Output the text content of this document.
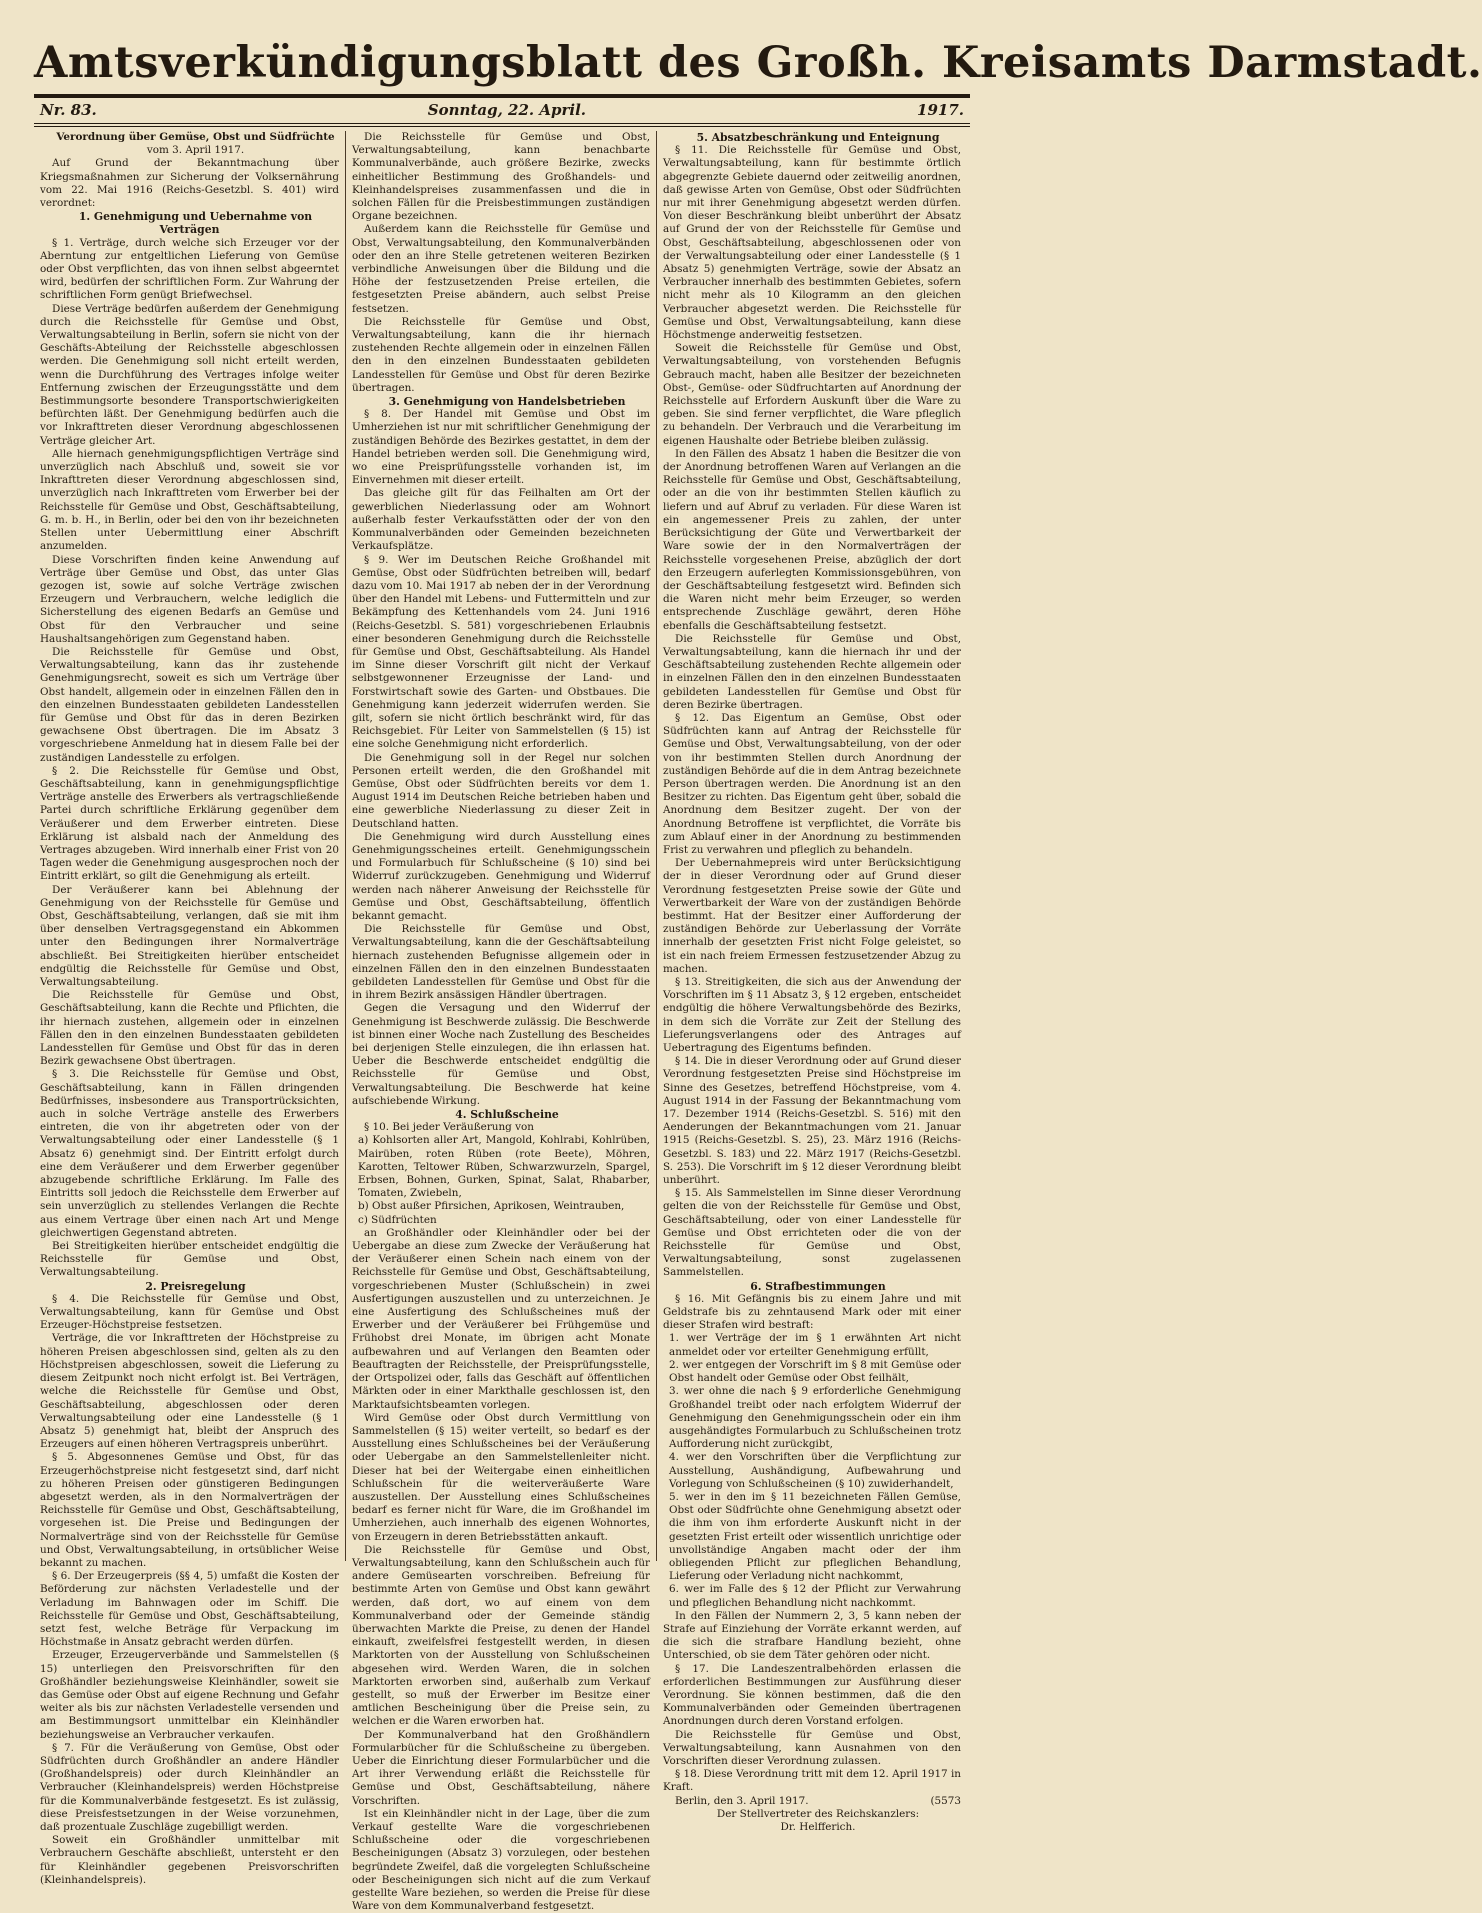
Amtsverkündigungsblatt des Großh. Kreisamts Darmstadt.
Nr. 83.	Sonntag, 22. April.	1917.

Verordnung über Gemüse, Obst und Südfrüchte

vom 3. April 1917.

Auf Grund der Bekanntmachung über Kriegsmaßnahmen zur Sicherung der Volksernährung vom 22. Mai 1916 (Reichs-Gesetzbl. S. 401) wird verordnet:

1. Genehmigung und Uebernahme von Verträgen

§ 1. Verträge, durch welche sich Erzeuger vor der Aberntung zur entgeltlichen Lieferung von Gemüse oder Obst verpflichten, das von ihnen selbst abgeerntet wird, bedürfen der schriftlichen Form. Zur Wahrung der schriftlichen Form genügt Briefwechsel.

Diese Verträge bedürfen außerdem der Genehmigung durch die Reichsstelle für Gemüse und Obst, Verwaltungsabteilung in Berlin, sofern sie nicht von der Geschäfts-Abteilung der Reichsstelle abgeschlossen werden. Die Genehmigung soll nicht erteilt werden, wenn die Durchführung des Vertrages infolge weiter Entfernung zwischen der Erzeugungsstätte und dem Bestimmungsorte besondere Transportschwierigkeiten befürchten läßt. Der Genehmigung bedürfen auch die vor Inkrafttreten dieser Verordnung abgeschlossenen Verträge gleicher Art.

Alle hiernach genehmigungspflichtigen Verträge sind unverzüglich nach Abschluß und, soweit sie vor Inkrafttreten dieser Verordnung abgeschlossen sind, unverzüglich nach Inkrafttreten vom Erwerber bei der Reichsstelle für Gemüse und Obst, Geschäftsabteilung, G. m. b. H., in Berlin, oder bei den von ihr bezeichneten Stellen unter Uebermittlung einer Abschrift anzumelden.

Diese Vorschriften finden keine Anwendung auf Verträge über Gemüse und Obst, das unter Glas gezogen ist, sowie auf solche Verträge zwischen Erzeugern und Verbrauchern, welche lediglich die Sicherstellung des eigenen Bedarfs an Gemüse und Obst für den Verbraucher und seine Haushaltsangehörigen zum Gegenstand haben.

Die Reichsstelle für Gemüse und Obst, Verwaltungsabteilung, kann das ihr zustehende Genehmigungsrecht, soweit es sich um Verträge über Obst handelt, allgemein oder in einzelnen Fällen den in den einzelnen Bundesstaaten gebildeten Landesstellen für Gemüse und Obst für das in deren Bezirken gewachsene Obst übertragen. Die im Absatz 3 vorgeschriebene Anmeldung hat in diesem Falle bei der zuständigen Landesstelle zu erfolgen.

§ 2. Die Reichsstelle für Gemüse und Obst, Geschäftsabteilung, kann in genehmigungspflichtige Verträge anstelle des Erwerbers als vertragschließende Partei durch schriftliche Erklärung gegenüber dem Veräußerer und dem Erwerber eintreten. Diese Erklärung ist alsbald nach der Anmeldung des Vertrages abzugeben. Wird innerhalb einer Frist von 20 Tagen weder die Genehmigung ausgesprochen noch der Eintritt erklärt, so gilt die Genehmigung als erteilt.

Der Veräußerer kann bei Ablehnung der Genehmigung von der Reichsstelle für Gemüse und Obst, Geschäftsabteilung, verlangen, daß sie mit ihm über denselben Vertragsgegenstand ein Abkommen unter den Bedingungen ihrer Normalverträge abschließt. Bei Streitigkeiten hierüber entscheidet endgültig die Reichsstelle für Gemüse und Obst, Verwaltungsabteilung.

Die Reichsstelle für Gemüse und Obst, Geschäftsabteilung, kann die Rechte und Pflichten, die ihr hiernach zustehen, allgemein oder in einzelnen Fällen den in den einzelnen Bundesstaaten gebildeten Landesstellen für Gemüse und Obst für das in deren Bezirk gewachsene Obst übertragen.

§ 3. Die Reichsstelle für Gemüse und Obst, Geschäftsabteilung, kann in Fällen dringenden Bedürfnisses, insbesondere aus Transportrücksichten, auch in solche Verträge anstelle des Erwerbers eintreten, die von ihr abgetreten oder von der Verwaltungsabteilung oder einer Landesstelle (§ 1 Absatz 6) genehmigt sind. Der Eintritt erfolgt durch eine dem Veräußerer und dem Erwerber gegenüber abzugebende schriftliche Erklärung. Im Falle des Eintritts soll jedoch die Reichsstelle dem Erwerber auf sein unverzüglich zu stellendes Verlangen die Rechte aus einem Vertrage über einen nach Art und Menge gleichwertigen Gegenstand abtreten.

Bei Streitigkeiten hierüber entscheidet endgültig die Reichsstelle für Gemüse und Obst, Verwaltungsabteilung.

2. Preisregelung

§ 4. Die Reichsstelle für Gemüse und Obst, Verwaltungsabteilung, kann für Gemüse und Obst Erzeuger-Höchstpreise festsetzen.

Verträge, die vor Inkrafttreten der Höchstpreise zu höheren Preisen abgeschlossen sind, gelten als zu den Höchstpreisen abgeschlossen, soweit die Lieferung zu diesem Zeitpunkt noch nicht erfolgt ist. Bei Verträgen, welche die Reichsstelle für Gemüse und Obst, Geschäftsabteilung, abgeschlossen oder deren Verwaltungsabteilung oder eine Landesstelle (§ 1 Absatz 5) genehmigt hat, bleibt der Anspruch des Erzeugers auf einen höheren Vertragspreis unberührt.

§ 5. Abgesonnenes Gemüse und Obst, für das Erzeugerhöchstpreise nicht festgesetzt sind, darf nicht zu höheren Preisen oder günstigeren Bedingungen abgesetzt werden, als in den Normalverträgen der Reichsstelle für Gemüse und Obst, Geschäftsabteilung, vorgesehen ist. Die Preise und Bedingungen der Normalverträge sind von der Reichsstelle für Gemüse und Obst, Verwaltungsabteilung, in ortsüblicher Weise bekannt zu machen.

§ 6. Der Erzeugerpreis (§§ 4, 5) umfaßt die Kosten der Beförderung zur nächsten Verladestelle und der Verladung im Bahnwagen oder im Schiff. Die Reichsstelle für Gemüse und Obst, Geschäftsabteilung, setzt fest, welche Beträge für Verpackung im Höchstmaße in Ansatz gebracht werden dürfen.

Erzeuger, Erzeugerverbände und Sammelstellen (§ 15) unterliegen den Preisvorschriften für den Großhändler beziehungsweise Kleinhändler, soweit sie das Gemüse oder Obst auf eigene Rechnung und Gefahr weiter als bis zur nächsten Verladestelle versenden und am Bestimmungsort unmittelbar ein Kleinhändler beziehungsweise an Verbraucher verkaufen.

§ 7. Für die Veräußerung von Gemüse, Obst oder Südfrüchten durch Großhändler an andere Händler (Großhandelspreis) oder durch Kleinhändler an Verbraucher (Kleinhandelspreis) werden Höchstpreise für die Kommunalverbände festgesetzt. Es ist zulässig, diese Preisfestsetzungen in der Weise vorzunehmen, daß prozentuale Zuschläge zugebilligt werden.

Soweit ein Großhändler unmittelbar mit Verbrauchern Geschäfte abschließt, untersteht er den für Kleinhändler gegebenen Preisvorschriften (Kleinhandelspreis).

Die Reichsstelle für Gemüse und Obst, Verwaltungsabteilung, kann benachbarte Kommunalverbände, auch größere Bezirke, zwecks einheitlicher Bestimmung des Großhandels- und Kleinhandelspreises zusammenfassen und die in solchen Fällen für die Preisbestimmungen zuständigen Organe bezeichnen.

Außerdem kann die Reichsstelle für Gemüse und Obst, Verwaltungsabteilung, den Kommunalverbänden oder den an ihre Stelle getretenen weiteren Bezirken verbindliche Anweisungen über die Bildung und die Höhe der festzusetzenden Preise erteilen, die festgesetzten Preise abändern, auch selbst Preise festsetzen.

Die Reichsstelle für Gemüse und Obst, Verwaltungsabteilung, kann die ihr hiernach zustehenden Rechte allgemein oder in einzelnen Fällen den in den einzelnen Bundesstaaten gebildeten Landesstellen für Gemüse und Obst für deren Bezirke übertragen.

3. Genehmigung von Handelsbetrieben

§ 8. Der Handel mit Gemüse und Obst im Umherziehen ist nur mit schriftlicher Genehmigung der zuständigen Behörde des Bezirkes gestattet, in dem der Handel betrieben werden soll. Die Genehmigung wird, wo eine Preisprüfungsstelle vorhanden ist, im Einvernehmen mit dieser erteilt.

Das gleiche gilt für das Feilhalten am Ort der gewerblichen Niederlassung oder am Wohnort außerhalb fester Verkaufsstätten oder der von den Kommunalverbänden oder Gemeinden bezeichneten Verkaufsplätze.

§ 9. Wer im Deutschen Reiche Großhandel mit Gemüse, Obst oder Südfrüchten betreiben will, bedarf dazu vom 10. Mai 1917 ab neben der in der Verordnung über den Handel mit Lebens- und Futtermitteln und zur Bekämpfung des Kettenhandels vom 24. Juni 1916 (Reichs-Gesetzbl. S. 581) vorgeschriebenen Erlaubnis einer besonderen Genehmigung durch die Reichsstelle für Gemüse und Obst, Geschäftsabteilung. Als Handel im Sinne dieser Vorschrift gilt nicht der Verkauf selbstgewonnener Erzeugnisse der Land- und Forstwirtschaft sowie des Garten- und Obstbaues. Die Genehmigung kann jederzeit widerrufen werden. Sie gilt, sofern sie nicht örtlich beschränkt wird, für das Reichsgebiet. Für Leiter von Sammelstellen (§ 15) ist eine solche Genehmigung nicht erforderlich.

Die Genehmigung soll in der Regel nur solchen Personen erteilt werden, die den Großhandel mit Gemüse, Obst oder Südfrüchten bereits vor dem 1. August 1914 im Deutschen Reiche betrieben haben und eine gewerbliche Niederlassung zu dieser Zeit in Deutschland hatten.

Die Genehmigung wird durch Ausstellung eines Genehmigungsscheines erteilt. Genehmigungsschein und Formularbuch für Schlußscheine (§ 10) sind bei Widerruf zurückzugeben. Genehmigung und Widerruf werden nach näherer Anweisung der Reichsstelle für Gemüse und Obst, Geschäftsabteilung, öffentlich bekannt gemacht.

Die Reichsstelle für Gemüse und Obst, Verwaltungsabteilung, kann die der Geschäftsabteilung hiernach zustehenden Befugnisse allgemein oder in einzelnen Fällen den in den einzelnen Bundesstaaten gebildeten Landesstellen für Gemüse und Obst für die in ihrem Bezirk ansässigen Händler übertragen.

Gegen die Versagung und den Widerruf der Genehmigung ist Beschwerde zulässig. Die Beschwerde ist binnen einer Woche nach Zustellung des Bescheides bei derjenigen Stelle einzulegen, die ihn erlassen hat. Ueber die Beschwerde entscheidet endgültig die Reichsstelle für Gemüse und Obst, Verwaltungsabteilung. Die Beschwerde hat keine aufschiebende Wirkung.

4. Schlußscheine

§ 10. Bei jeder Veräußerung von

a) Kohlsorten aller Art, Mangold, Kohlrabi, Kohlrüben, Mairüben, roten Rüben (rote Beete), Möhren, Karotten, Teltower Rüben, Schwarzwurzeln, Spargel, Erbsen, Bohnen, Gurken, Spinat, Salat, Rhabarber, Tomaten, Zwiebeln,
b) Obst außer Pfirsichen, Aprikosen, Weintrauben,
c) Südfrüchten

an Großhändler oder Kleinhändler oder bei der Uebergabe an diese zum Zwecke der Veräußerung hat der Veräußerer einen Schein nach einem von der Reichsstelle für Gemüse und Obst, Geschäftsabteilung, vorgeschriebenen Muster (Schlußschein) in zwei Ausfertigungen auszustellen und zu unterzeichnen. Je eine Ausfertigung des Schlußscheines muß der Erwerber und der Veräußerer bei Frühgemüse und Frühobst drei Monate, im übrigen acht Monate aufbewahren und auf Verlangen den Beamten oder Beauftragten der Reichsstelle, der Preisprüfungsstelle, der Ortspolizei oder, falls das Geschäft auf öffentlichen Märkten oder in einer Markthalle geschlossen ist, den Marktaufsichtsbeamten vorlegen.

Wird Gemüse oder Obst durch Vermittlung von Sammelstellen (§ 15) weiter verteilt, so bedarf es der Ausstellung eines Schlußscheines bei der Veräußerung oder Uebergabe an den Sammelstellenleiter nicht. Dieser hat bei der Weitergabe einen einheitlichen Schlußschein für die weiterveräußerte Ware auszustellen. Der Ausstellung eines Schlußscheines bedarf es ferner nicht für Ware, die im Großhandel im Umherziehen, auch innerhalb des eigenen Wohnortes, von Erzeugern in deren Betriebsstätten ankauft.

Die Reichsstelle für Gemüse und Obst, Verwaltungsabteilung, kann den Schlußschein auch für andere Gemüsearten vorschreiben. Befreiung für bestimmte Arten von Gemüse und Obst kann gewährt werden, daß dort, wo auf einem von dem Kommunalverband oder der Gemeinde ständig überwachten Markte die Preise, zu denen der Handel einkauft, zweifelsfrei festgestellt werden, in diesen Marktorten von der Ausstellung von Schlußscheinen abgesehen wird. Werden Waren, die in solchen Marktorten erworben sind, außerhalb zum Verkauf gestellt, so muß der Erwerber im Besitze einer amtlichen Bescheinigung über die Preise sein, zu welchen er die Waren erworben hat.

Der Kommunalverband hat den Großhändlern Formularbücher für die Schlußscheine zu übergeben. Ueber die Einrichtung dieser Formularbücher und die Art ihrer Verwendung erläßt die Reichsstelle für Gemüse und Obst, Geschäftsabteilung, nähere Vorschriften.

Ist ein Kleinhändler nicht in der Lage, über die zum Verkauf gestellte Ware die vorgeschriebenen Schlußscheine oder die vorgeschriebenen Bescheinigungen (Absatz 3) vorzulegen, oder bestehen begründete Zweifel, daß die vorgelegten Schlußscheine oder Bescheinigungen sich nicht auf die zum Verkauf gestellte Ware beziehen, so werden die Preise für diese Ware von dem Kommunalverband festgesetzt.

5. Absatzbeschränkung und Enteignung

§ 11. Die Reichsstelle für Gemüse und Obst, Verwaltungsabteilung, kann für bestimmte örtlich abgegrenzte Gebiete dauernd oder zeitweilig anordnen, daß gewisse Arten von Gemüse, Obst oder Südfrüchten nur mit ihrer Genehmigung abgesetzt werden dürfen. Von dieser Beschränkung bleibt unberührt der Absatz auf Grund der von der Reichsstelle für Gemüse und Obst, Geschäftsabteilung, abgeschlossenen oder von der Verwaltungsabteilung oder einer Landesstelle (§ 1 Absatz 5) genehmigten Verträge, sowie der Absatz an Verbraucher innerhalb des bestimmten Gebietes, sofern nicht mehr als 10 Kilogramm an den gleichen Verbraucher abgesetzt werden. Die Reichsstelle für Gemüse und Obst, Verwaltungsabteilung, kann diese Höchstmenge anderweitig festsetzen.

Soweit die Reichsstelle für Gemüse und Obst, Verwaltungsabteilung, von vorstehenden Befugnis Gebrauch macht, haben alle Besitzer der bezeichneten Obst-, Gemüse- oder Südfruchtarten auf Anordnung der Reichsstelle auf Erfordern Auskunft über die Ware zu geben. Sie sind ferner verpflichtet, die Ware pfleglich zu behandeln. Der Verbrauch und die Verarbeitung im eigenen Haushalte oder Betriebe bleiben zulässig.

In den Fällen des Absatz 1 haben die Besitzer die von der Anordnung betroffenen Waren auf Verlangen an die Reichsstelle für Gemüse und Obst, Geschäftsabteilung, oder an die von ihr bestimmten Stellen käuflich zu liefern und auf Abruf zu verladen. Für diese Waren ist ein angemessener Preis zu zahlen, der unter Berücksichtigung der Güte und Verwertbarkeit der Ware sowie der in den Normalverträgen der Reichsstelle vorgesehenen Preise, abzüglich der dort den Erzeugern auferlegten Kommissionsgebühren, von der Geschäftsabteilung festgesetzt wird. Befinden sich die Waren nicht mehr beim Erzeuger, so werden entsprechende Zuschläge gewährt, deren Höhe ebenfalls die Geschäftsabteilung festsetzt.

Die Reichsstelle für Gemüse und Obst, Verwaltungsabteilung, kann die hiernach ihr und der Geschäftsabteilung zustehenden Rechte allgemein oder in einzelnen Fällen den in den einzelnen Bundesstaaten gebildeten Landesstellen für Gemüse und Obst für deren Bezirke übertragen.

§ 12. Das Eigentum an Gemüse, Obst oder Südfrüchten kann auf Antrag der Reichsstelle für Gemüse und Obst, Verwaltungsabteilung, von der oder von ihr bestimmten Stellen durch Anordnung der zuständigen Behörde auf die in dem Antrag bezeichnete Person übertragen werden. Die Anordnung ist an den Besitzer zu richten. Das Eigentum geht über, sobald die Anordnung dem Besitzer zugeht. Der von der Anordnung Betroffene ist verpflichtet, die Vorräte bis zum Ablauf einer in der Anordnung zu bestimmenden Frist zu verwahren und pfleglich zu behandeln.

Der Uebernahmepreis wird unter Berücksichtigung der in dieser Verordnung oder auf Grund dieser Verordnung festgesetzten Preise sowie der Güte und Verwertbarkeit der Ware von der zuständigen Behörde bestimmt. Hat der Besitzer einer Aufforderung der zuständigen Behörde zur Ueberlassung der Vorräte innerhalb der gesetzten Frist nicht Folge geleistet, so ist ein nach freiem Ermessen festzusetzender Abzug zu machen.

§ 13. Streitigkeiten, die sich aus der Anwendung der Vorschriften im § 11 Absatz 3, § 12 ergeben, entscheidet endgültig die höhere Verwaltungsbehörde des Bezirks, in dem sich die Vorräte zur Zeit der Stellung des Lieferungsverlangens oder des Antrages auf Uebertragung des Eigentums befinden.

§ 14. Die in dieser Verordnung oder auf Grund dieser Verordnung festgesetzten Preise sind Höchstpreise im Sinne des Gesetzes, betreffend Höchstpreise, vom 4. August 1914 in der Fassung der Bekanntmachung vom 17. Dezember 1914 (Reichs-Gesetzbl. S. 516) mit den Aenderungen der Bekanntmachungen vom 21. Januar 1915 (Reichs-Gesetzbl. S. 25), 23. März 1916 (Reichs-Gesetzbl. S. 183) und 22. März 1917 (Reichs-Gesetzbl. S. 253). Die Vorschrift im § 12 dieser Verordnung bleibt unberührt.

§ 15. Als Sammelstellen im Sinne dieser Verordnung gelten die von der Reichsstelle für Gemüse und Obst, Geschäftsabteilung, oder von einer Landesstelle für Gemüse und Obst errichteten oder die von der Reichsstelle für Gemüse und Obst, Verwaltungsabteilung, sonst zugelassenen Sammelstellen.

6. Strafbestimmungen

§ 16. Mit Gefängnis bis zu einem Jahre und mit Geldstrafe bis zu zehntausend Mark oder mit einer dieser Strafen wird bestraft:

1. wer Verträge der im § 1 erwähnten Art nicht anmeldet oder vor erteilter Genehmigung erfüllt,
2. wer entgegen der Vorschrift im § 8 mit Gemüse oder Obst handelt oder Gemüse oder Obst feilhält,
3. wer ohne die nach § 9 erforderliche Genehmigung Großhandel treibt oder nach erfolgtem Widerruf der Genehmigung den Genehmigungsschein oder ein ihm ausgehändigtes Formularbuch zu Schlußscheinen trotz Aufforderung nicht zurückgibt,
4. wer den Vorschriften über die Verpflichtung zur Ausstellung, Aushändigung, Aufbewahrung und Vorlegung von Schlußscheinen (§ 10) zuwiderhandelt,
5. wer in den im § 11 bezeichneten Fällen Gemüse, Obst oder Südfrüchte ohne Genehmigung absetzt oder die ihm von ihm erforderte Auskunft nicht in der gesetzten Frist erteilt oder wissentlich unrichtige oder unvollständige Angaben macht oder der ihm obliegenden Pflicht zur pfleglichen Behandlung, Lieferung oder Verladung nicht nachkommt,
6. wer im Falle des § 12 der Pflicht zur Verwahrung und pfleglichen Behandlung nicht nachkommt.

In den Fällen der Nummern 2, 3, 5 kann neben der Strafe auf Einziehung der Vorräte erkannt werden, auf die sich die strafbare Handlung bezieht, ohne Unterschied, ob sie dem Täter gehören oder nicht.

§ 17. Die Landeszentralbehörden erlassen die erforderlichen Bestimmungen zur Ausführung dieser Verordnung. Sie können bestimmen, daß die den Kommunalverbänden oder Gemeinden übertragenen Anordnungen durch deren Vorstand erfolgen.

Die Reichsstelle für Gemüse und Obst, Verwaltungsabteilung, kann Ausnahmen von den Vorschriften dieser Verordnung zulassen.

§ 18. Diese Verordnung tritt mit dem 12. April 1917 in Kraft.

Berlin, den 3. April 1917.	(5573

Der Stellvertreter des Reichskanzlers:

Dr. Helfferich.
